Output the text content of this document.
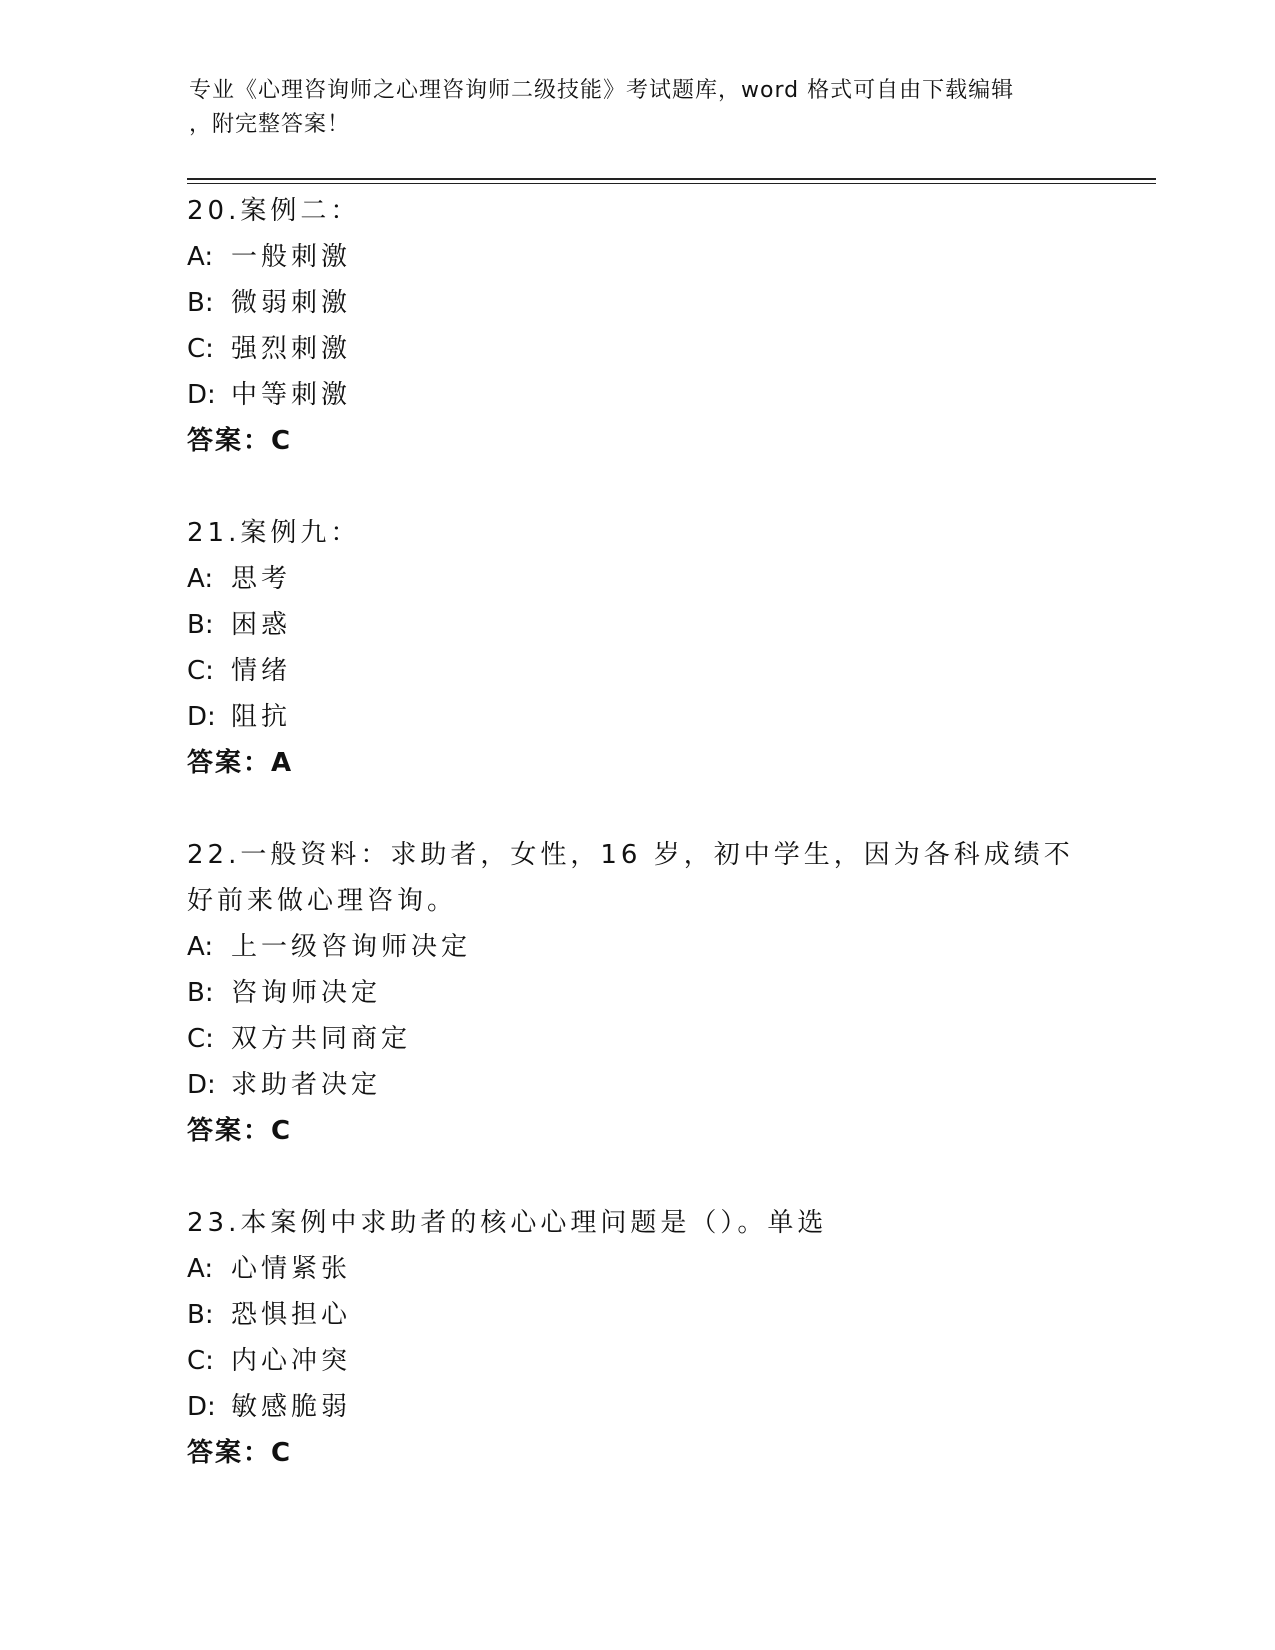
专业《心理咨询师之心理咨询师二级技能》考试题库，word 格式可自由下载编辑
，附完整答案！
20.案例二：
A: 一般刺激
B: 微弱刺激
C: 强烈刺激
D: 中等刺激
答案：C
21.案例九：
A: 思考
B: 困惑
C: 情绪
D: 阻抗
答案：A
22.一般资料：求助者，女性，16 岁，初中学生，因为各科成绩不好前来做心理咨询。
A: 上一级咨询师决定
B: 咨询师决定
C: 双方共同商定
D: 求助者决定
答案：C
23.本案例中求助者的核心心理问题是（）。单选
A: 心情紧张
B: 恐惧担心
C: 内心冲突
D: 敏感脆弱
答案：C
